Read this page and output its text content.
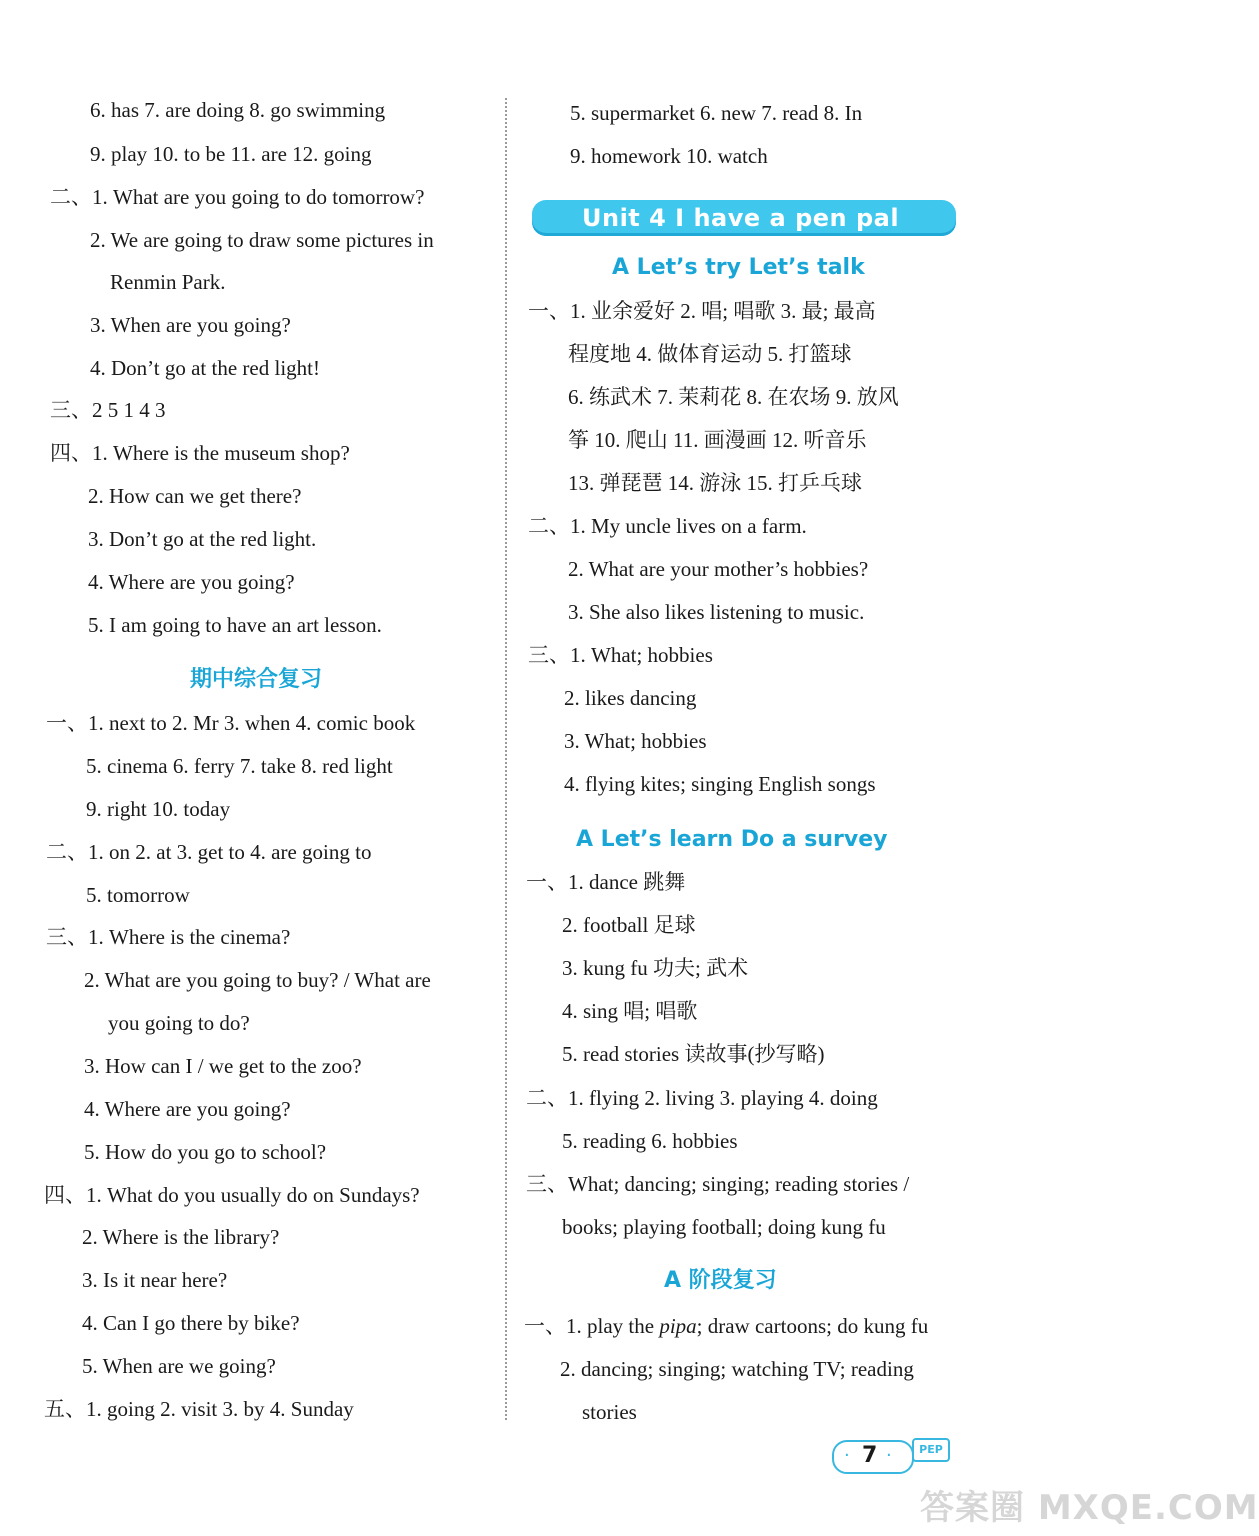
6. has 7. are doing 8. go swimming
9. play 10. to be 11. are 12. going
二、1. What are you going to do tomorrow?
2. We are going to draw some pictures in
Renmin Park.
3. When are you going?
4. Don’t go at the red light!
三、2 5 1 4 3
四、1. Where is the museum shop?
2. How can we get there?
3. Don’t go at the red light.
4. Where are you going?
5. I am going to have an art lesson.
期中综合复习
一、1. next to 2. Mr 3. when 4. comic book
5. cinema 6. ferry 7. take 8. red light
9. right 10. today
二、1. on 2. at 3. get to 4. are going to
5. tomorrow
三、1. Where is the cinema?
2. What are you going to buy? / What are
you going to do?
3. How can I / we get to the zoo?
4. Where are you going?
5. How do you go to school?
四、1. What do you usually do on Sundays?
2. Where is the library?
3. Is it near here?
4. Can I go there by bike?
5. When are we going?
五、1. going 2. visit 3. by 4. Sunday
5. supermarket 6. new 7. read 8. In
9. homework 10. watch
Unit 4 I have a pen pal
A Let’s try Let’s talk
一、1. 业余爱好 2. 唱; 唱歌 3. 最; 最高
程度地 4. 做体育运动 5. 打篮球
6. 练武术 7. 茉莉花 8. 在农场 9. 放风
筝 10. 爬山 11. 画漫画 12. 听音乐
13. 弹琵琶 14. 游泳 15. 打乒乓球
二、1. My uncle lives on a farm.
2. What are your mother’s hobbies?
3. She also likes listening to music.
三、1. What; hobbies
2. likes dancing
3. What; hobbies
4. flying kites; singing English songs
A Let’s learn Do a survey
一、1. dance 跳舞
2. football 足球
3. kung fu 功夫; 武术
4. sing 唱; 唱歌
5. read stories 读故事(抄写略)
二、1. flying 2. living 3. playing 4. doing
5. reading 6. hobbies
三、What; dancing; singing; reading stories /
books; playing football; doing kung fu
A 阶段复习
一、1. play the pipa; draw cartoons; do kung fu
2. dancing; singing; watching TV; reading
stories
· 7 ·	PEP
答案圈 MXQE.COM
